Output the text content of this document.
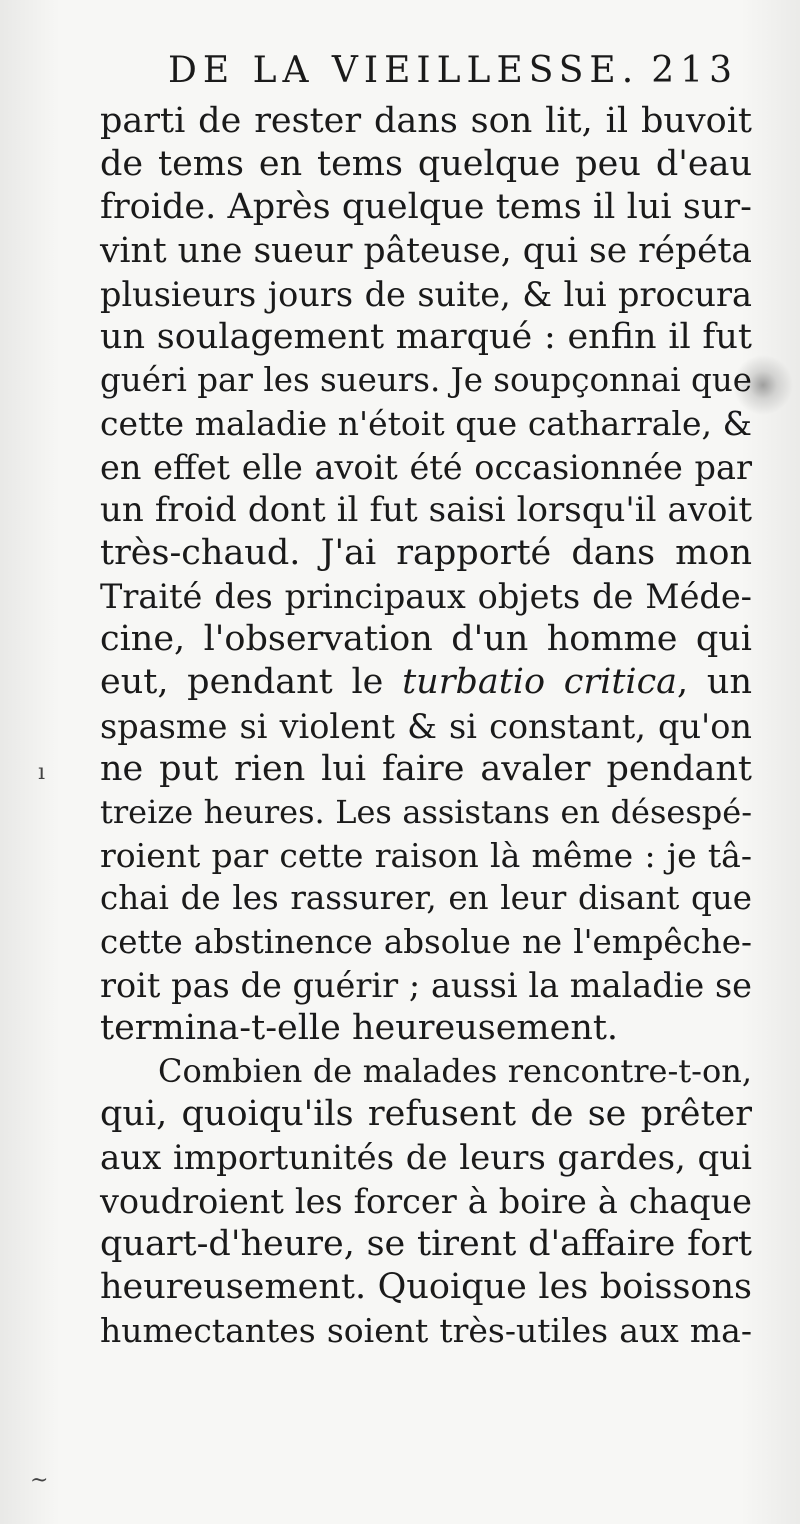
DE LA VIEILLESSE. 213
parti de rester dans son lit, il buvoit
de tems en tems quelque peu d'eau
froide. Après quelque tems il lui sur-
vint une sueur pâteuse, qui se répéta
plusieurs jours de suite, & lui procura
un soulagement marqué : enfin il fut
guéri par les sueurs. Je soupçonnai que
cette maladie n'étoit que catharrale, &
en effet elle avoit été occasionnée par
un froid dont il fut saisi lorsqu'il avoit
très-chaud. J'ai rapporté dans mon
Traité des principaux objets de Méde-
cine, l'observation d'un homme qui
eut, pendant le turbatio critica, un
spasme si violent & si constant, qu'on
ne put rien lui faire avaler pendant
treize heures. Les assistans en désespé-
roient par cette raison là même : je tâ-
chai de les rassurer, en leur disant que
cette abstinence absolue ne l'empêche-
roit pas de guérir ; aussi la maladie se
termina-t-elle heureusement.
Combien de malades rencontre-t-on,
qui, quoiqu'ils refusent de se prêter
aux importunités de leurs gardes, qui
voudroient les forcer à boire à chaque
quart-d'heure, se tirent d'affaire fort
heureusement. Quoique les boissons
humectantes soient très-utiles aux ma-
ı
~
